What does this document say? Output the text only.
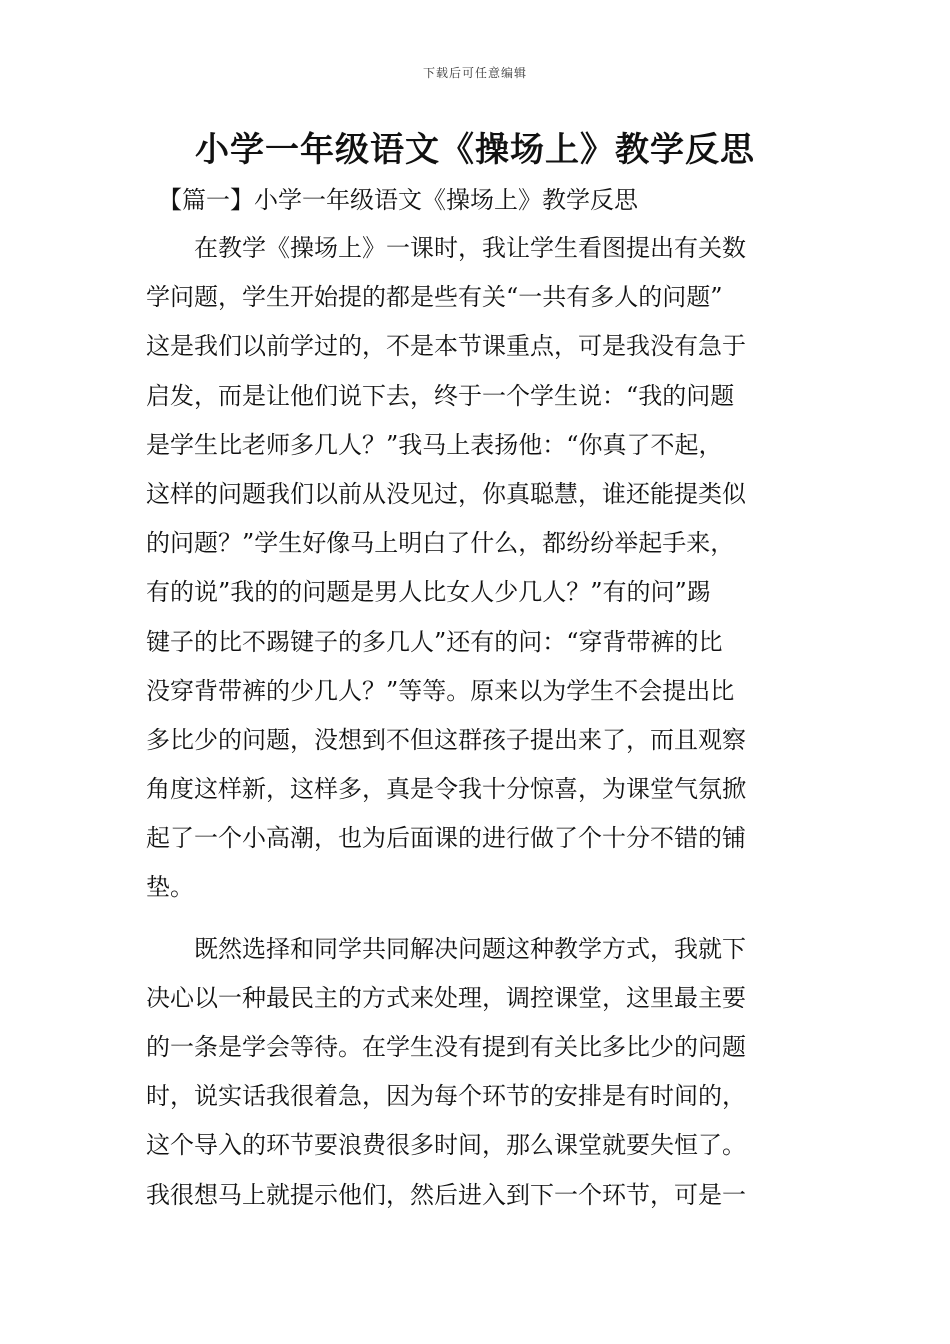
下载后可任意编辑
小学一年级语文《操场上》教学反思

【篇一】小学一年级语文《操场上》教学反思

　　在教学《操场上》一课时，我让学生看图提出有关数
学问题，学生开始提的都是些有关“一共有多人的问题”
这是我们以前学过的，不是本节课重点，可是我没有急于
启发，而是让他们说下去，终于一个学生说：“我的问题
是学生比老师多几人？”我马上表扬他：“你真了不起，
这样的问题我们以前从没见过，你真聪慧，谁还能提类似
的问题？”学生好像马上明白了什么，都纷纷举起手来，
有的说”我的的问题是男人比女人少几人？”有的问”踢
键子的比不踢键子的多几人”还有的问：“穿背带裤的比
没穿背带裤的少几人？”等等。原来以为学生不会提出比
多比少的问题，没想到不但这群孩子提出来了，而且观察
角度这样新，这样多，真是令我十分惊喜，为课堂气氛掀
起了一个小高潮，也为后面课的进行做了个十分不错的铺
垫。
　　既然选择和同学共同解决问题这种教学方式，我就下
决心以一种最民主的方式来处理，调控课堂，这里最主要
的一条是学会等待。在学生没有提到有关比多比少的问题
时，说实话我很着急，因为每个环节的安排是有时间的，
这个导入的环节要浪费很多时间，那么课堂就要失恒了。
我很想马上就提示他们，然后进入到下一个环节，可是一
